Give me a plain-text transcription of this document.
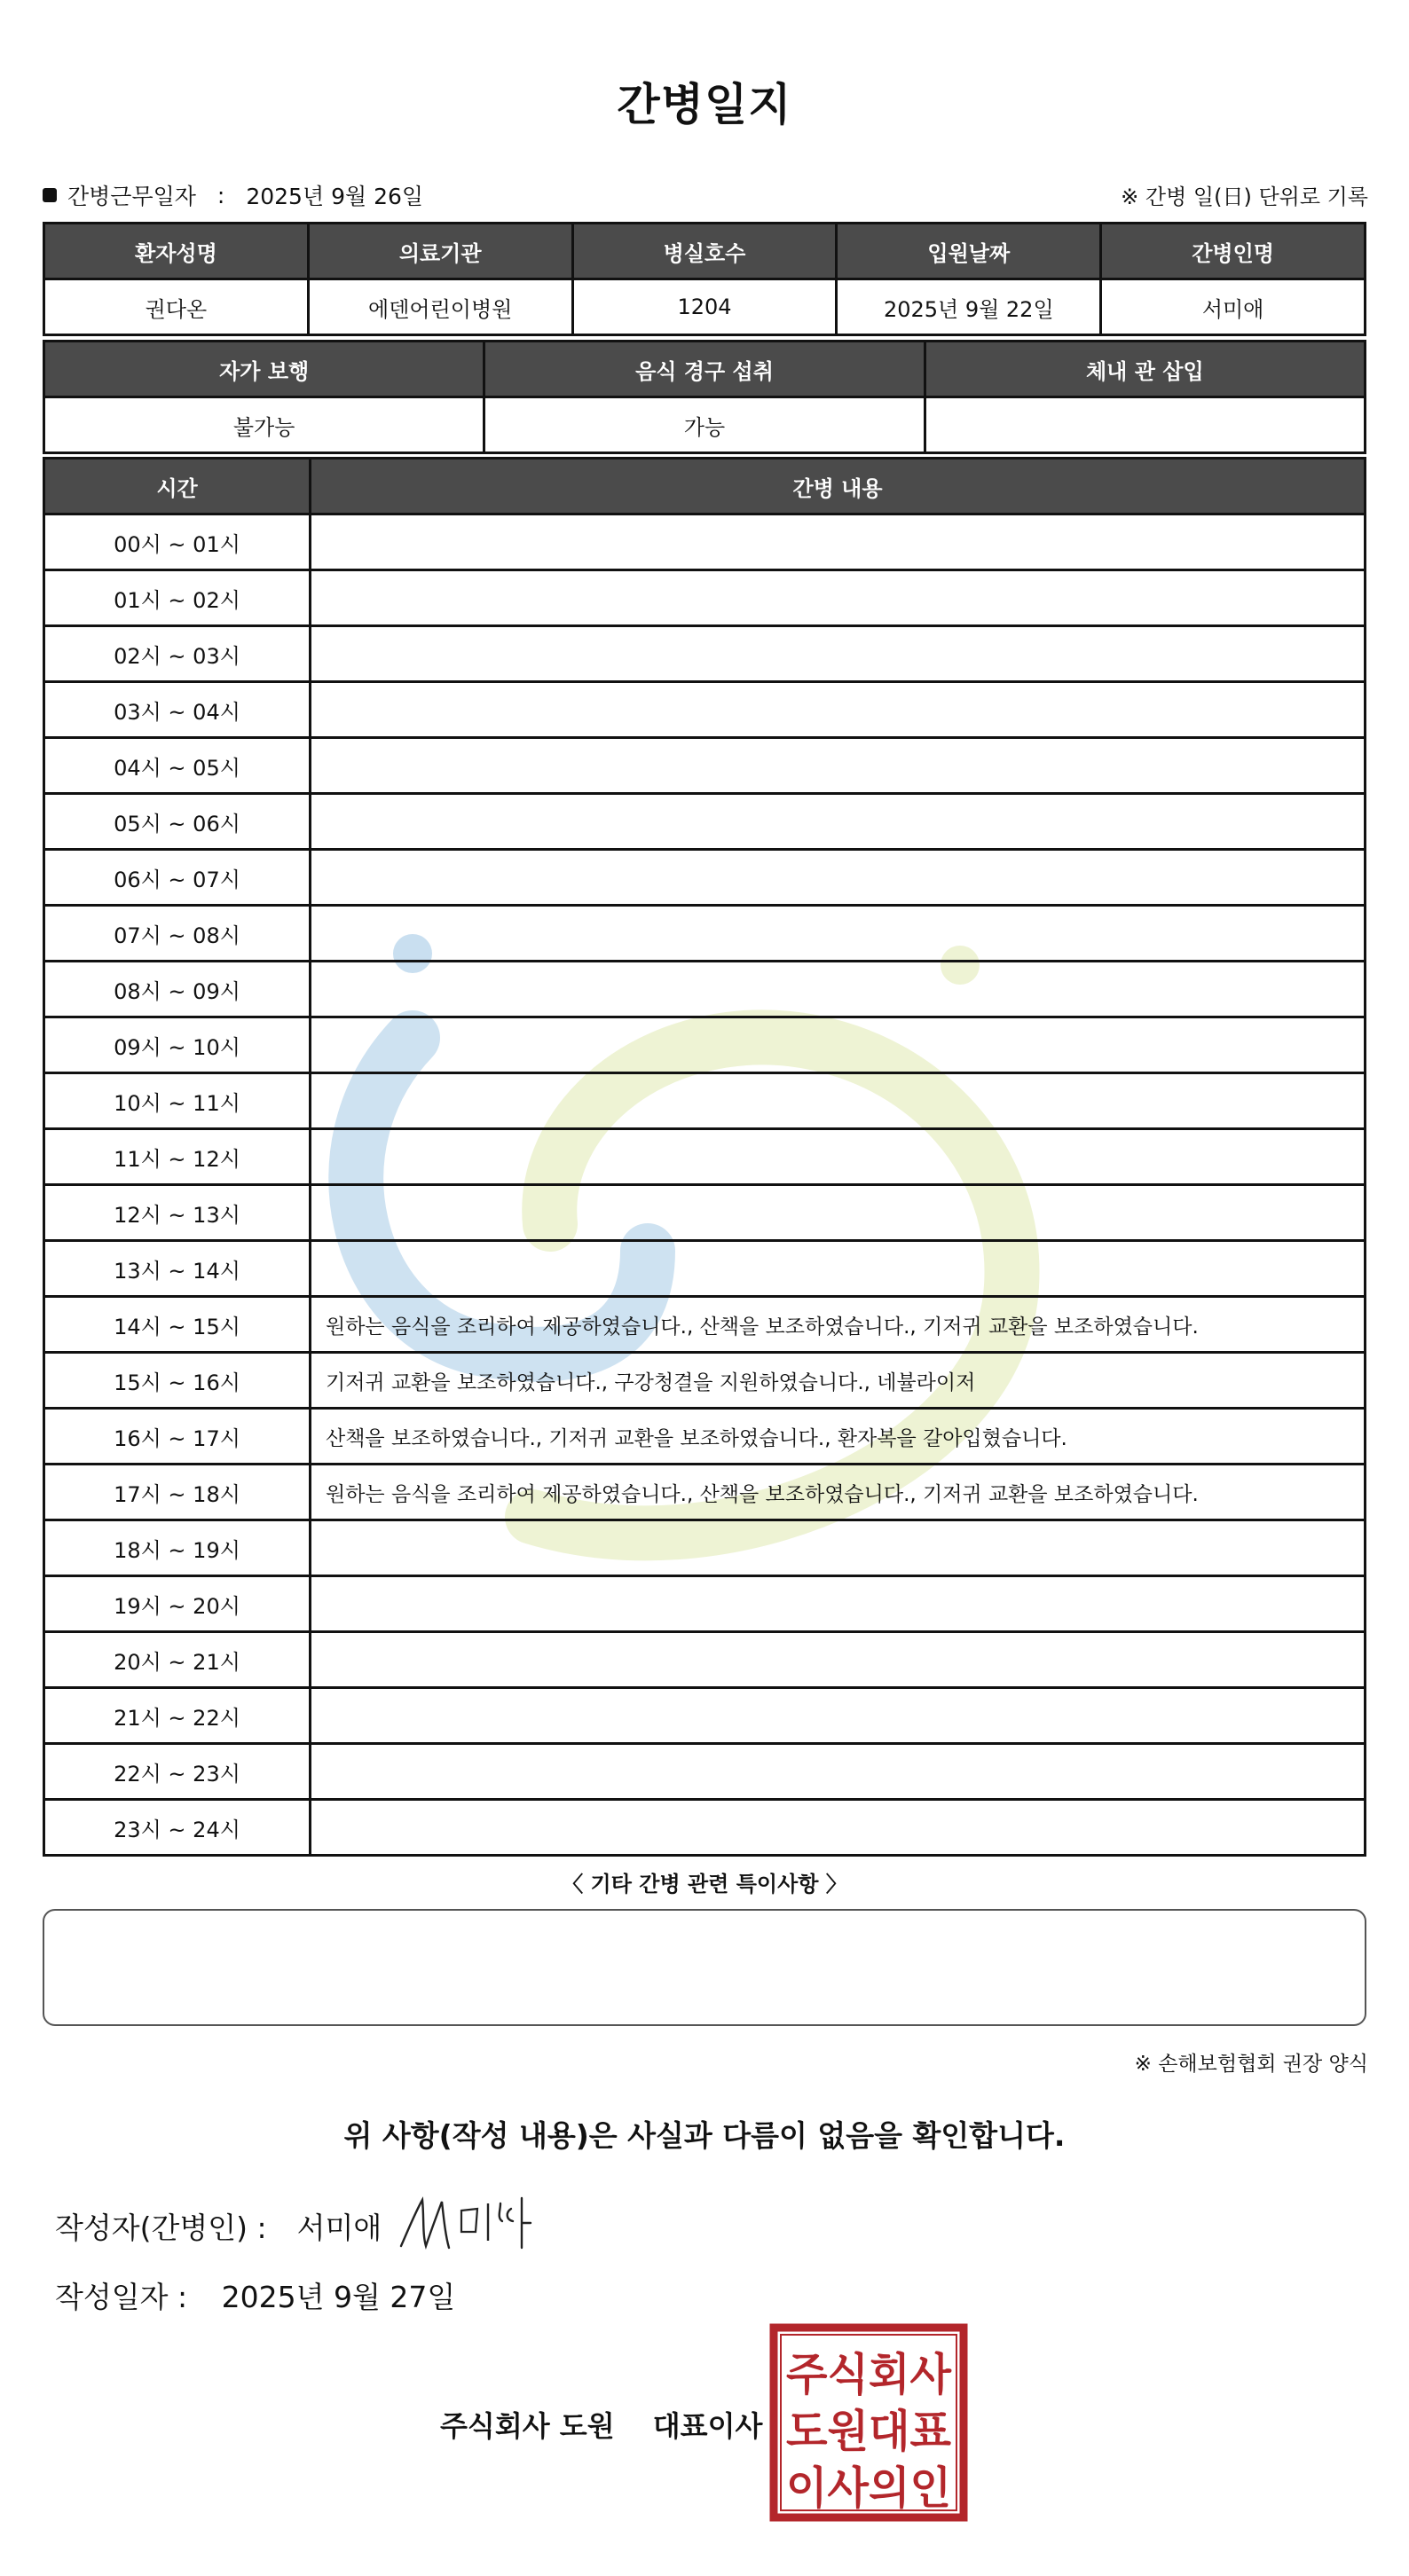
간병일지
간병근무일자 : 2025년 9월 26일	※ 간병 일(日) 단위로 기록
환자성명	의료기관	병실호수	입원날짜	간병인명
권다온	에덴어린이병원	1204	2025년 9월 22일	서미애
자가 보행	음식 경구 섭취	체내 관 삽입
불가능	가능	
시간	간병 내용
00시 ~ 01시	
01시 ~ 02시	
02시 ~ 03시	
03시 ~ 04시	
04시 ~ 05시	
05시 ~ 06시	
06시 ~ 07시	
07시 ~ 08시	
08시 ~ 09시	
09시 ~ 10시	
10시 ~ 11시	
11시 ~ 12시	
12시 ~ 13시	
13시 ~ 14시	
14시 ~ 15시	원하는 음식을 조리하여 제공하였습니다., 산책을 보조하였습니다., 기저귀 교환을 보조하였습니다.
15시 ~ 16시	기저귀 교환을 보조하였습니다., 구강청결을 지원하였습니다., 네뷸라이저
16시 ~ 17시	산책을 보조하였습니다., 기저귀 교환을 보조하였습니다., 환자복을 갈아입혔습니다.
17시 ~ 18시	원하는 음식을 조리하여 제공하였습니다., 산책을 보조하였습니다., 기저귀 교환을 보조하였습니다.
18시 ~ 19시	
19시 ~ 20시	
20시 ~ 21시	
21시 ~ 22시	
22시 ~ 23시	
23시 ~ 24시	
〈 기타 간병 관련 특이사항 〉
※ 손해보험협회 권장 양식
위 사항(작성 내용)은 사실과 다름이 없음을 확인합니다.
작성자(간병인) : 서미애
작성일자 : 2025년 9월 27일
주식회사 도원 대표이사
주식회사
도원대표
이사의인
